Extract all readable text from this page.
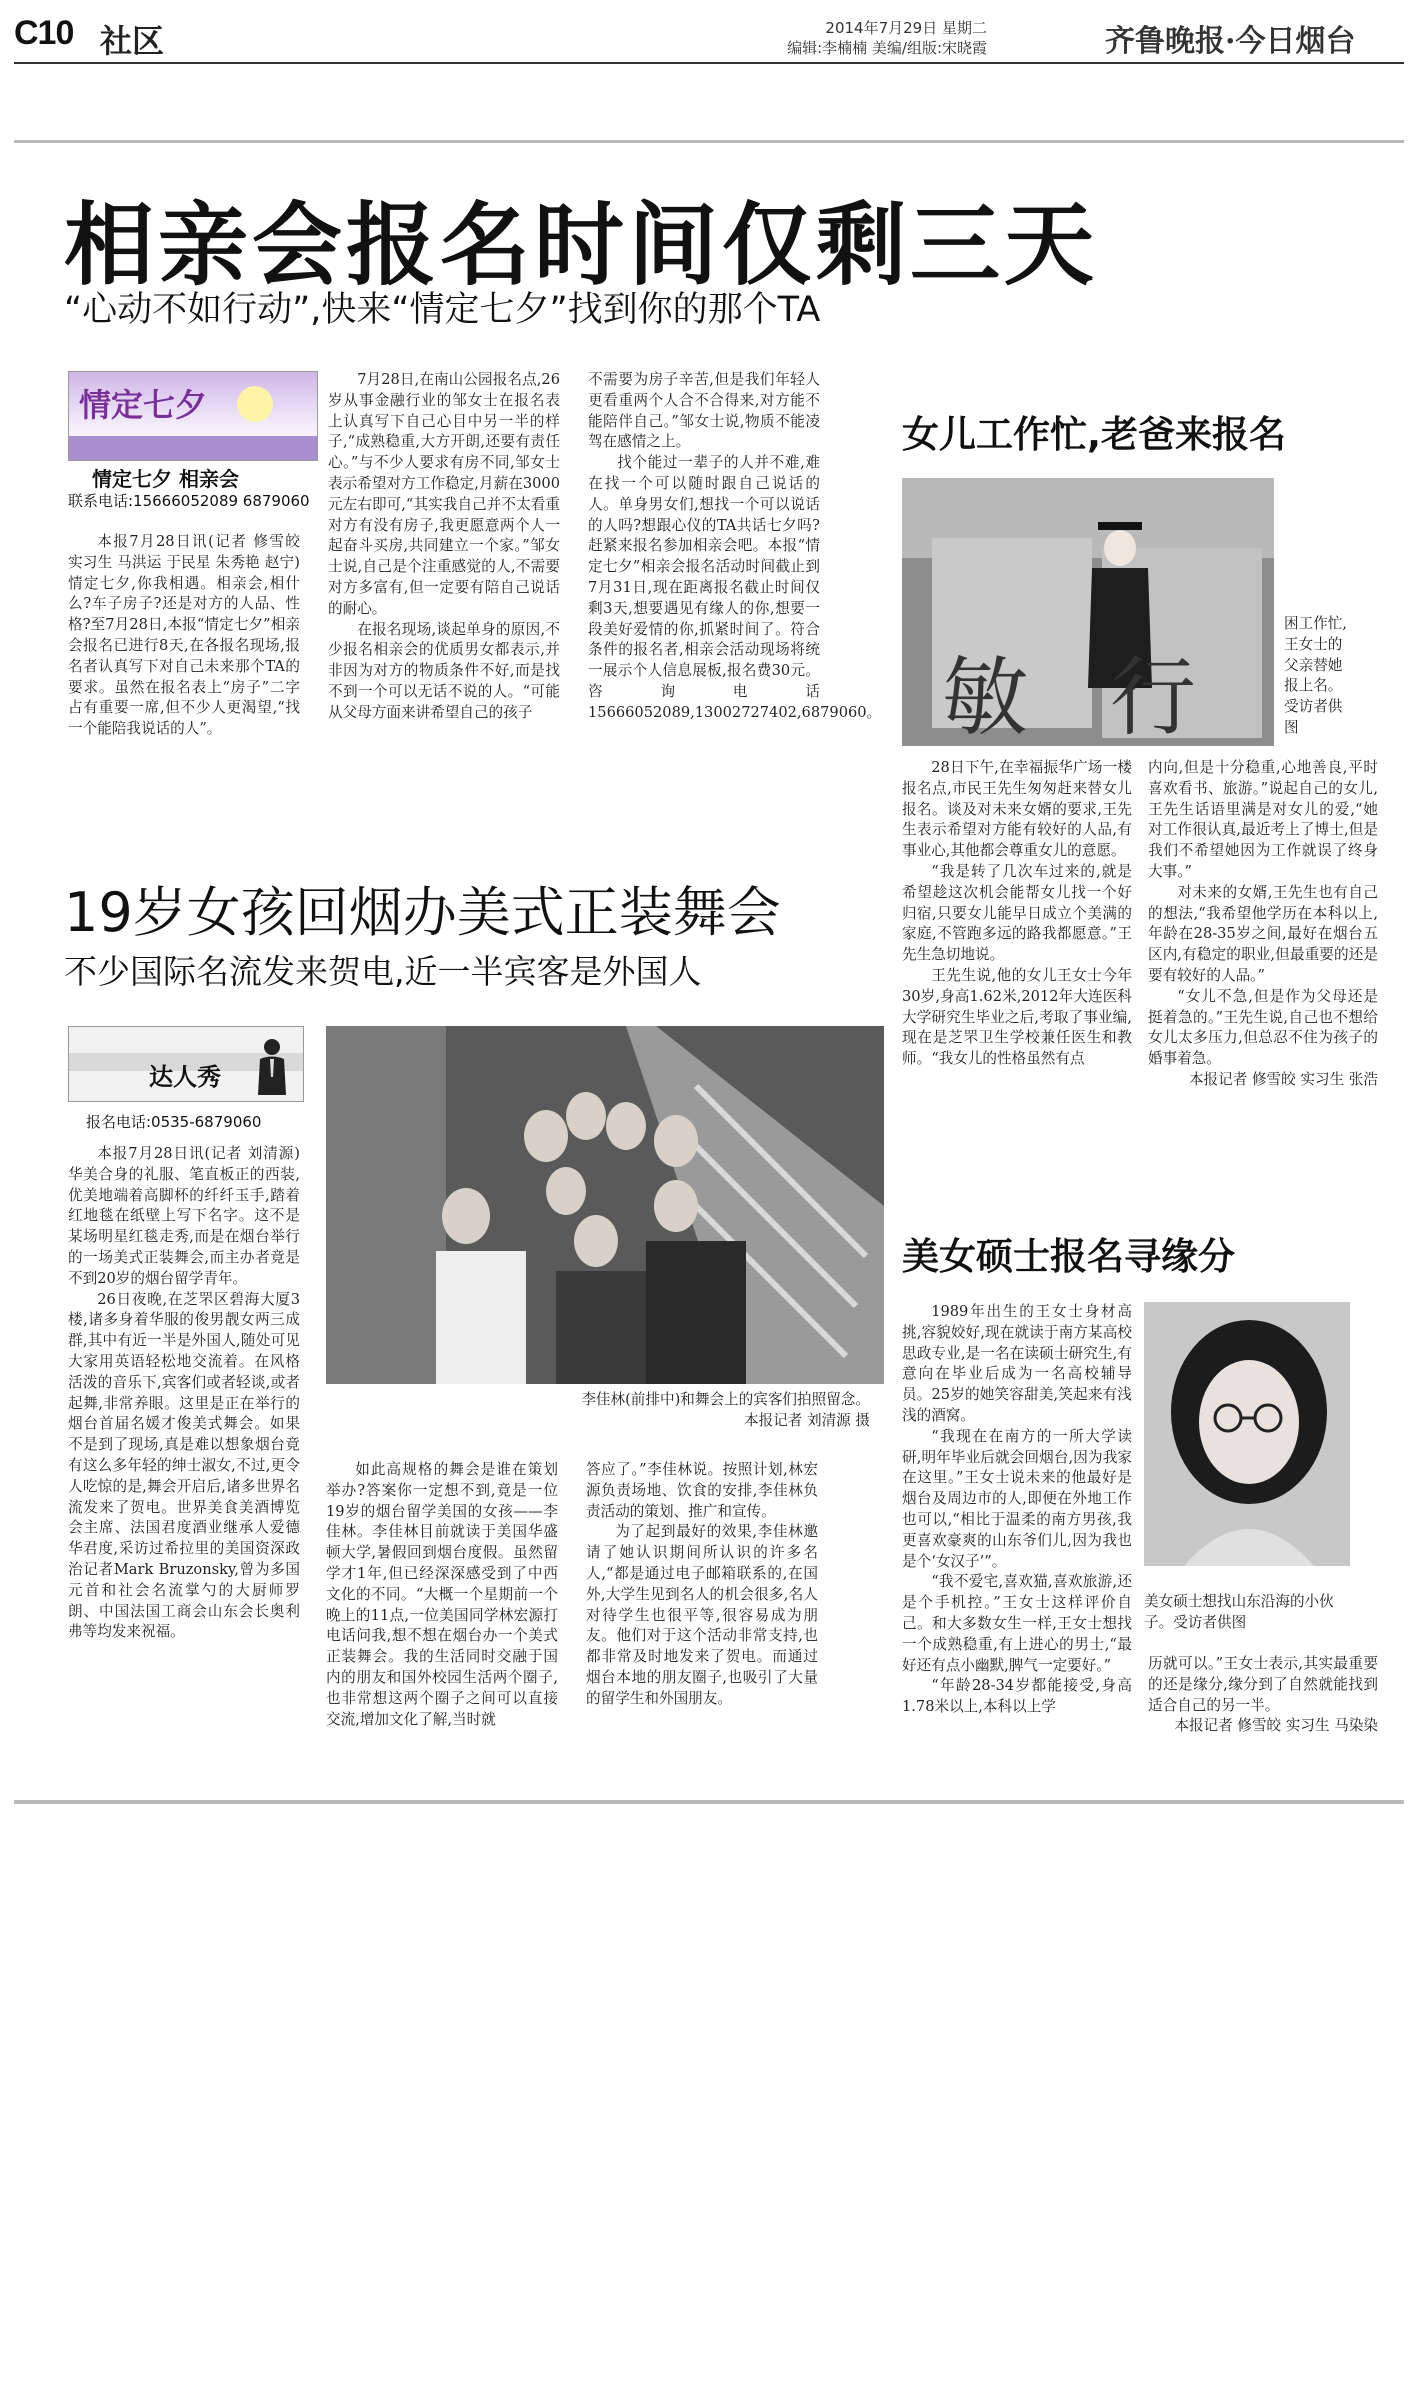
C10 社区	2014年7月29日 星期二
编辑:李楠楠 美编/组版:宋晓霞	齐鲁晚报·今日烟台
相亲会报名时间仅剩三天
“心动不如行动”,快来“情定七夕”找到你的那个TA
情定七夕
情定七夕 相亲会
联系电话:15666052089 6879060

本报7月28日讯(记者 修雪皎 实习生 马洪运 于民星 朱秀艳 赵宁)情定七夕,你我相遇。相亲会,相什么?车子房子?还是对方的人品、性格?至7月28日,本报“情定七夕”相亲会报名已进行8天,在各报名现场,报名者认真写下对自己未来那个TA的要求。虽然在报名表上“房子”二字占有重要一席,但不少人更渴望,“找一个能陪我说话的人”。

7月28日,在南山公园报名点,26岁从事金融行业的邹女士在报名表上认真写下自己心目中另一半的样子,“成熟稳重,大方开朗,还要有责任心。”与不少人要求有房不同,邹女士表示希望对方工作稳定,月薪在3000元左右即可,“其实我自己并不太看重对方有没有房子,我更愿意两个人一起奋斗买房,共同建立一个家。”邹女士说,自己是个注重感觉的人,不需要对方多富有,但一定要有陪自己说话的耐心。

在报名现场,谈起单身的原因,不少报名相亲会的优质男女都表示,并非因为对方的物质条件不好,而是找不到一个可以无话不说的人。“可能从父母方面来讲希望自己的孩子

不需要为房子辛苦,但是我们年轻人更看重两个人合不合得来,对方能不能陪伴自己。”邹女士说,物质不能凌驾在感情之上。

找个能过一辈子的人并不难,难在找一个可以随时跟自己说话的人。单身男女们,想找一个可以说话的人吗?想跟心仪的TA共话七夕吗?赶紧来报名参加相亲会吧。本报“情定七夕”相亲会报名活动时间截止到7月31日,现在距离报名截止时间仅剩3天,想要遇见有缘人的你,想要一段美好爱情的你,抓紧时间了。符合条件的报名者,相亲会活动现场将统一展示个人信息展板,报名费30元。咨询电话15666052089,13002727402,6879060。

女儿工作忙,老爸来报名
敏   行
困工作忙,王女士的父亲替她报上名。受访者供图

28日下午,在幸福振华广场一楼报名点,市民王先生匆匆赶来替女儿报名。谈及对未来女婿的要求,王先生表示希望对方能有较好的人品,有事业心,其他都会尊重女儿的意愿。

“我是转了几次车过来的,就是希望趁这次机会能帮女儿找一个好归宿,只要女儿能早日成立个美满的家庭,不管跑多远的路我都愿意。”王先生急切地说。

王先生说,他的女儿王女士今年30岁,身高1.62米,2012年大连医科大学研究生毕业之后,考取了事业编,现在是芝罘卫生学校兼任医生和教师。“我女儿的性格虽然有点

内向,但是十分稳重,心地善良,平时喜欢看书、旅游。”说起自己的女儿,王先生话语里满是对女儿的爱,“她对工作很认真,最近考上了博士,但是我们不希望她因为工作就误了终身大事。”

对未来的女婿,王先生也有自己的想法,“我希望他学历在本科以上,年龄在28-35岁之间,最好在烟台五区内,有稳定的职业,但最重要的还是要有较好的人品。”

“女儿不急,但是作为父母还是挺着急的。”王先生说,自己也不想给女儿太多压力,但总忍不住为孩子的婚事着急。

本报记者 修雪皎 实习生 张浩

19岁女孩回烟办美式正装舞会
不少国际名流发来贺电,近一半宾客是外国人
达人秀
报名电话:0535-6879060

本报7月28日讯(记者 刘清源)华美合身的礼服、笔直板正的西装,优美地端着高脚杯的纤纤玉手,踏着红地毯在纸壁上写下名字。这不是某场明星红毯走秀,而是在烟台举行的一场美式正装舞会,而主办者竟是不到20岁的烟台留学青年。

26日夜晚,在芝罘区碧海大厦3楼,诸多身着华服的俊男靓女两三成群,其中有近一半是外国人,随处可见大家用英语轻松地交流着。在风格活泼的音乐下,宾客们或者轻谈,或者起舞,非常养眼。这里是正在举行的烟台首届名媛才俊美式舞会。如果不是到了现场,真是难以想象烟台竟有这么多年轻的绅士淑女,不过,更令人吃惊的是,舞会开启后,诸多世界名流发来了贺电。世界美食美酒博览会主席、法国君度酒业继承人爱德华君度,采访过希拉里的美国资深政治记者Mark Bruzonsky,曾为多国元首和社会名流掌勺的大厨师罗朗、中国法国工商会山东会长奥利弗等均发来祝福。

李佳林(前排中)和舞会上的宾客们拍照留念。
本报记者 刘清源 摄

如此高规格的舞会是谁在策划举办?答案你一定想不到,竟是一位19岁的烟台留学美国的女孩——李佳林。李佳林目前就读于美国华盛顿大学,暑假回到烟台度假。虽然留学才1年,但已经深深感受到了中西文化的不同。“大概一个星期前一个晚上的11点,一位美国同学林宏源打电话问我,想不想在烟台办一个美式正装舞会。我的生活同时交融于国内的朋友和国外校园生活两个圈子,也非常想这两个圈子之间可以直接交流,增加文化了解,当时就

答应了。”李佳林说。按照计划,林宏源负责场地、饮食的安排,李佳林负责活动的策划、推广和宣传。

为了起到最好的效果,李佳林邀请了她认识期间所认识的许多名人,“都是通过电子邮箱联系的,在国外,大学生见到名人的机会很多,名人对待学生也很平等,很容易成为朋友。他们对于这个活动非常支持,也都非常及时地发来了贺电。而通过烟台本地的朋友圈子,也吸引了大量的留学生和外国朋友。

美女硕士报名寻缘分
美女硕士想找山东沿海的小伙子。受访者供图

1989年出生的王女士身材高挑,容貌姣好,现在就读于南方某高校思政专业,是一名在读硕士研究生,有意向在毕业后成为一名高校辅导员。25岁的她笑容甜美,笑起来有浅浅的酒窝。

“我现在在南方的一所大学读研,明年毕业后就会回烟台,因为我家在这里。”王女士说未来的他最好是烟台及周边市的人,即便在外地工作也可以,“相比于温柔的南方男孩,我更喜欢豪爽的山东爷们儿,因为我也是个‘女汉子’”。

“我不爱宅,喜欢猫,喜欢旅游,还是个手机控。”王女士这样评价自己。和大多数女生一样,王女士想找一个成熟稳重,有上进心的男士,“最好还有点小幽默,脾气一定要好。”

“年龄28-34岁都能接受,身高1.78米以上,本科以上学

历就可以。”王女士表示,其实最重要的还是缘分,缘分到了自然就能找到适合自己的另一半。

本报记者 修雪皎 实习生 马染染
